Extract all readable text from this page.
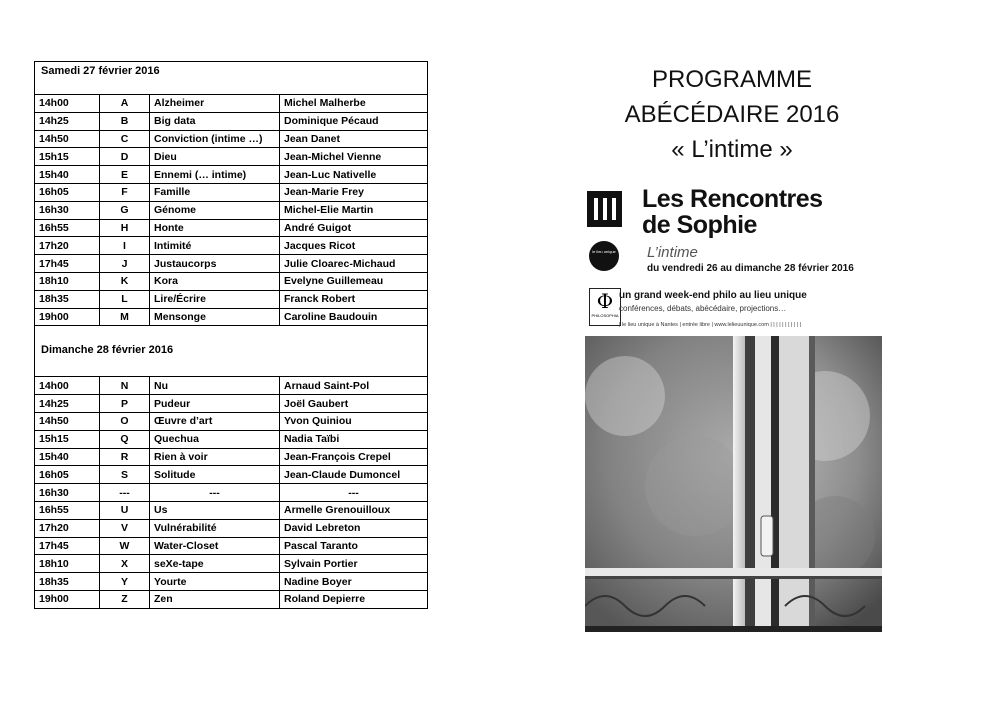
Samedi 27 février 2016
14h00	A	Alzheimer	Michel Malherbe
14h25	B	Big data	Dominique Pécaud
14h50	C	Conviction (intime …)	Jean Danet
15h15	D	Dieu	Jean-Michel Vienne
15h40	E	Ennemi (… intime)	Jean-Luc Nativelle
16h05	F	Famille	Jean-Marie Frey
16h30	G	Génome	Michel-Elie Martin
16h55	H	Honte	André Guigot
17h20	I	Intimité	Jacques Ricot
17h45	J	Justaucorps	Julie Cloarec-Michaud
18h10	K	Kora	Evelyne Guillemeau
18h35	L	Lire/Écrire	Franck Robert
19h00	M	Mensonge	Caroline Baudouin
Dimanche 28 février 2016
14h00	N	Nu	Arnaud Saint-Pol
14h25	P	Pudeur	Joël Gaubert
14h50	O	Œuvre d’art	Yvon Quiniou
15h15	Q	Quechua	Nadia Taïbi
15h40	R	Rien à voir	Jean-François Crepel
16h05	S	Solitude	Jean-Claude Dumoncel
16h30	---	---	---
16h55	U	Us	Armelle Grenouilloux
17h20	V	Vulnérabilité	David Lebreton
17h45	W	Water-Closet	Pascal Taranto
18h10	X	seXe-tape	Sylvain Portier
18h35	Y	Yourte	Nadine Boyer
19h00	Z	Zen	Roland Depierre
PROGRAMME
ABÉCÉDAIRE 2016
« L’intime »
Les Rencontres
de Sophie
le lieu unique L’intime
du vendredi 26 au dimanche 28 février 2016
Φ
PHILOSOPHIA
un grand week-end philo au lieu unique
conférences, débats, abécédaire, projections…
| le lieu unique à Nantes | entrée libre | www.lelieuunique.com | | | | | | | | | | |
